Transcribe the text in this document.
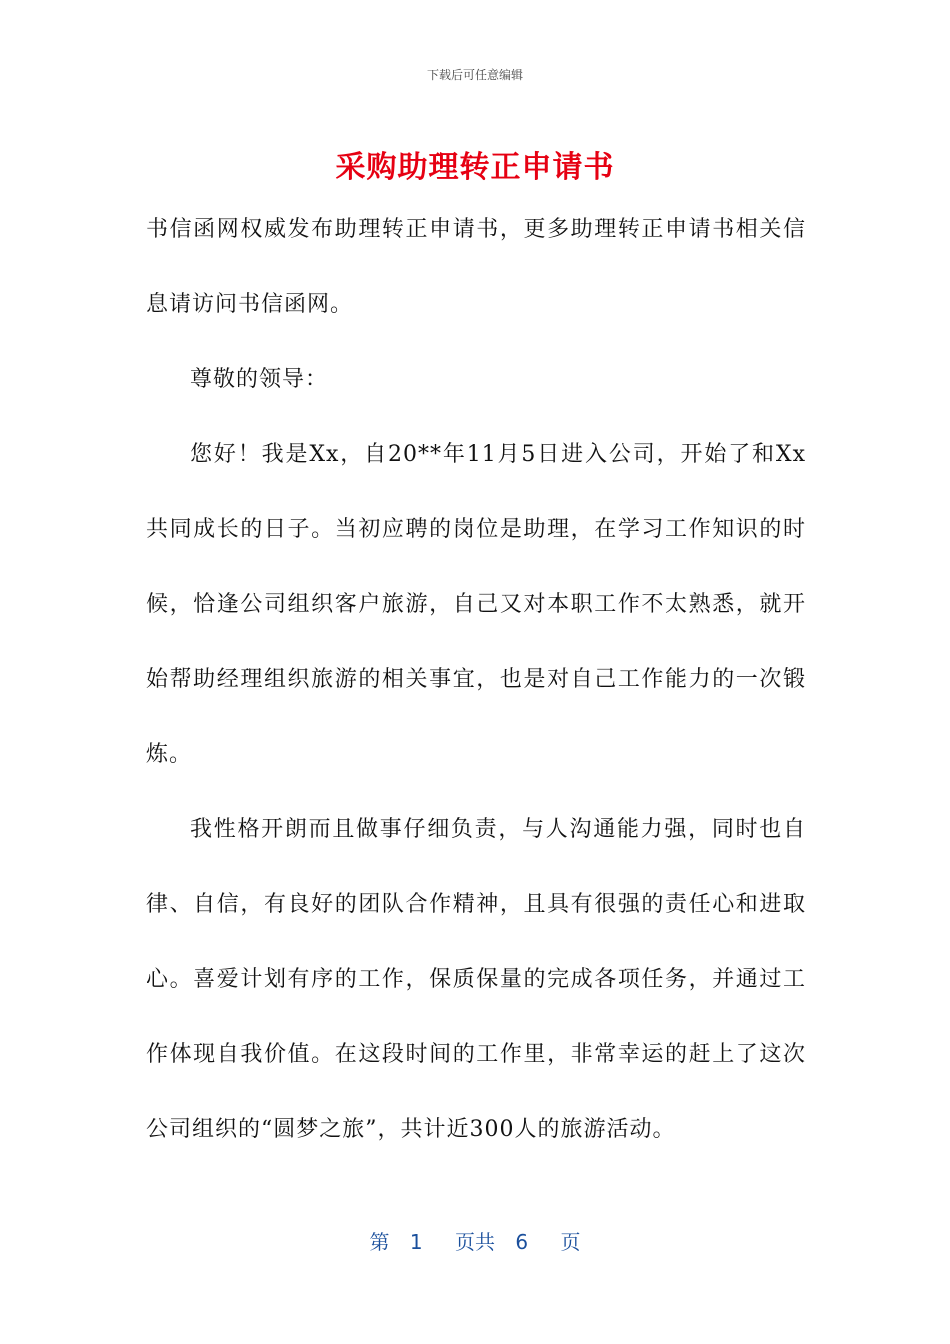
下载后可任意编辑
采购助理转正申请书

书信函网权威发布助理转正申请书，更多助理转正申请书相关信息请访问书信函网。

尊敬的领导：

您好！我是Xx，自20**年11月5日进入公司，开始了和Xx共同成长的日子。当初应聘的岗位是助理，在学习工作知识的时候，恰逢公司组织客户旅游，自己又对本职工作不太熟悉，就开始帮助经理组织旅游的相关事宜，也是对自己工作能力的一次锻炼。

我性格开朗而且做事仔细负责，与人沟通能力强，同时也自律、自信，有良好的团队合作精神，且具有很强的责任心和进取心。喜爱计划有序的工作，保质保量的完成各项任务，并通过工作体现自我价值。在这段时间的工作里，非常幸运的赶上了这次公司组织的“圆梦之旅”，共计近300人的旅游活动。

第 1 页共 6 页
